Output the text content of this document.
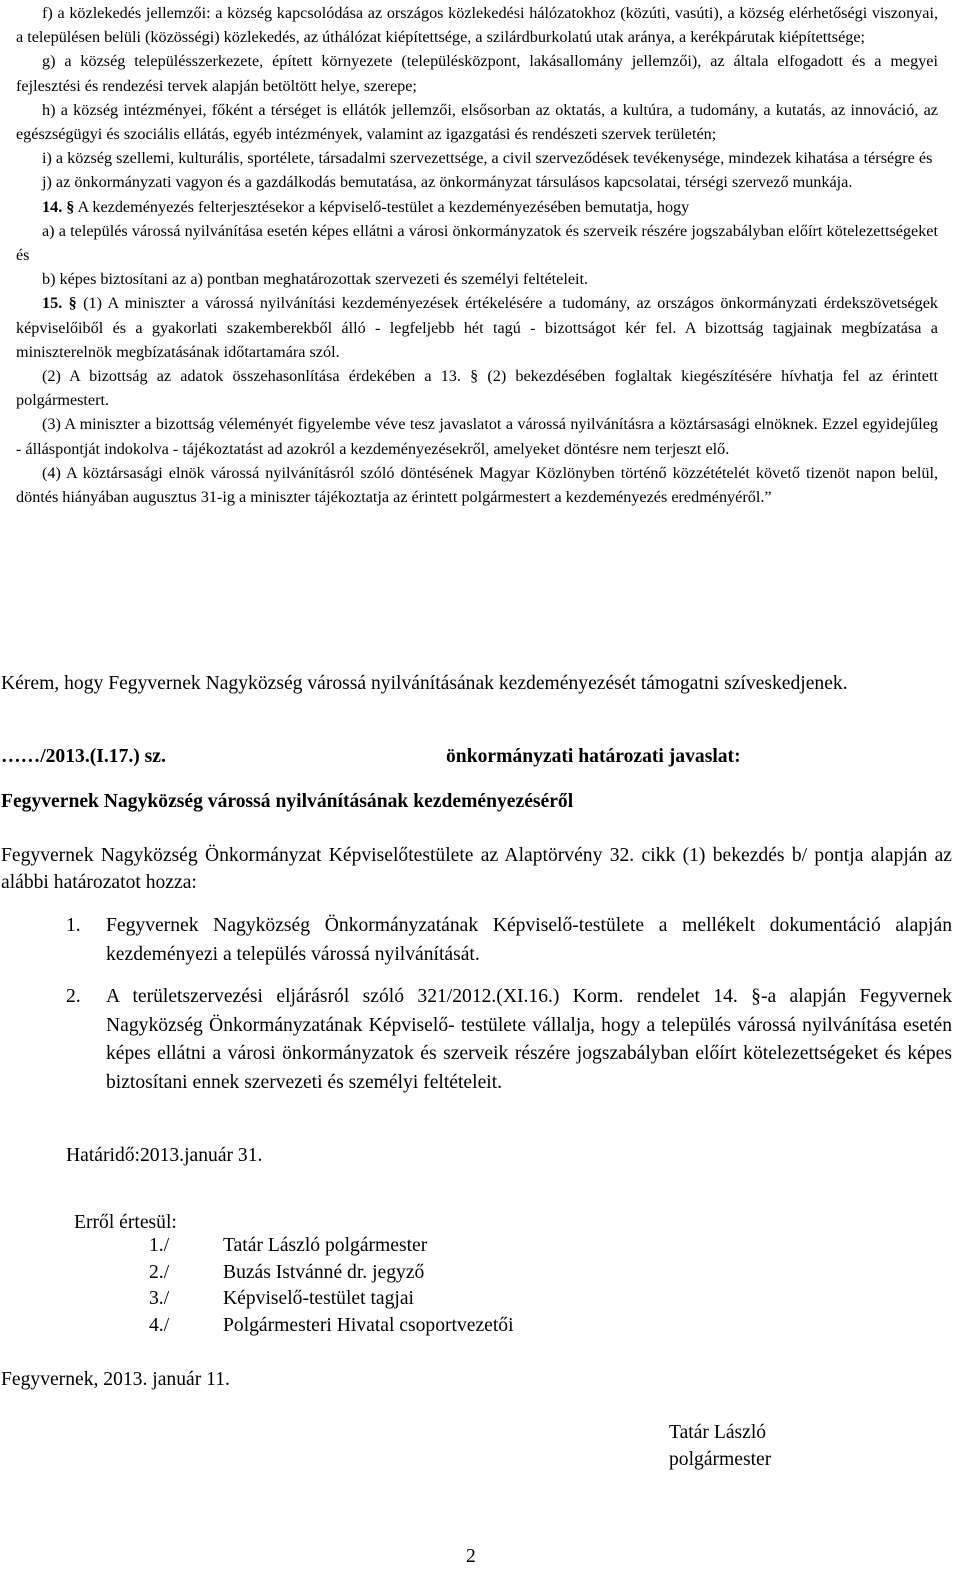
f) a közlekedés jellemzői: a község kapcsolódása az országos közlekedési hálózatokhoz (közúti, vasúti), a község elérhetőségi viszonyai, a településen belüli (közösségi) közlekedés, az úthálózat kiépítettsége, a szilárdburkolatú utak aránya, a kerékpárutak kiépítettsége;

g) a község településszerkezete, épített környezete (településközpont, lakásallomány jellemzői), az általa elfogadott és a megyei fejlesztési és rendezési tervek alapján betöltött helye, szerepe;

h) a község intézményei, főként a térséget is ellátók jellemzői, elsősorban az oktatás, a kultúra, a tudomány, a kutatás, az innováció, az egészségügyi és szociális ellátás, egyéb intézmények, valamint az igazgatási és rendészeti szervek területén;

i) a község szellemi, kulturális, sportélete, társadalmi szervezettsége, a civil szerveződések tevékenysége, mindezek kihatása a térségre és

j) az önkormányzati vagyon és a gazdálkodás bemutatása, az önkormányzat társulásos kapcsolatai, térségi szervező munkája.

14. § A kezdeményezés felterjesztésekor a képviselő-testület a kezdeményezésében bemutatja, hogy

a) a település várossá nyilvánítása esetén képes ellátni a városi önkormányzatok és szerveik részére jogszabályban előírt kötelezettségeket és

b) képes biztosítani az a) pontban meghatározottak szervezeti és személyi feltételeit.

15. § (1) A miniszter a várossá nyilvánítási kezdeményezések értékelésére a tudomány, az országos önkormányzati érdekszövetségek képviselőiből és a gyakorlati szakemberekből álló - legfeljebb hét tagú - bizottságot kér fel. A bizottság tagjainak megbízatása a miniszterelnök megbízatásának időtartamára szól.

(2) A bizottság az adatok összehasonlítása érdekében a 13. § (2) bekezdésében foglaltak kiegészítésére hívhatja fel az érintett polgármestert.

(3) A miniszter a bizottság véleményét figyelembe véve tesz javaslatot a várossá nyilvánításra a köztársasági elnöknek. Ezzel egyidejűleg - álláspontját indokolva - tájékoztatást ad azokról a kezdeményezésekről, amelyeket döntésre nem terjeszt elő.

(4) A köztársasági elnök várossá nyilvánításról szóló döntésének Magyar Közlönyben történő közzétételét követő tizenöt napon belül, döntés hiányában augusztus 31-ig a miniszter tájékoztatja az érintett polgármestert a kezdeményezés eredményéről.”

Kérem, hogy Fegyvernek Nagyközség várossá nyilvánításának kezdeményezését támogatni szíveskedjenek.
……/2013.(I.17.) sz.	önkormányzati határozati javaslat:
Fegyvernek Nagyközség várossá nyilvánításának kezdeményezéséről
Fegyvernek Nagyközség Önkormányzat Képviselőtestülete az Alaptörvény 32. cikk (1) bekezdés b/ pontja alapján az alábbi határozatot hozza:
1. Fegyvernek Nagyközség Önkormányzatának Képviselő-testülete a mellékelt dokumentáció alapján kezdeményezi a település várossá nyilvánítását.
2. A területszervezési eljárásról szóló 321/2012.(XI.16.) Korm. rendelet 14. §-a alapján Fegyvernek Nagyközség Önkormányzatának Képviselő- testülete vállalja, hogy a település várossá nyilvánítása esetén képes ellátni a városi önkormányzatok és szerveik részére jogszabályban előírt kötelezettségeket és képes biztosítani ennek szervezeti és személyi feltételeit.
Határidő:2013.január 31.
Erről értesül:
1./	Tatár László polgármester
2./	Buzás Istvánné dr. jegyző
3./	Képviselő-testület tagjai
4./	Polgármesteri Hivatal csoportvezetői
Fegyvernek, 2013. január 11.
Tatár László
polgármester
2
